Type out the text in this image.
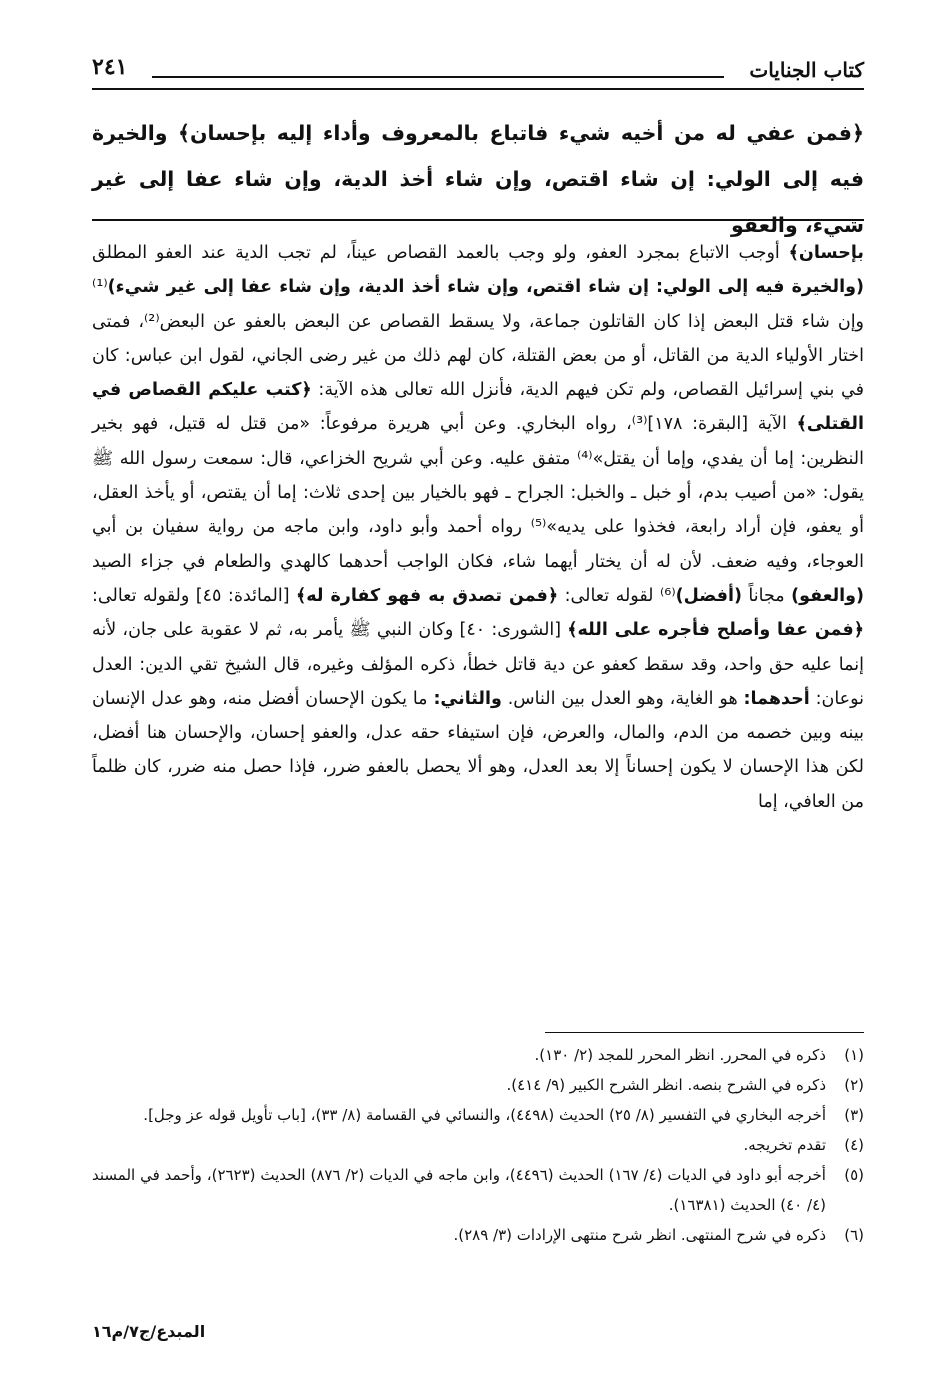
كتاب الجنايات
٢٤١
﴿فمن عفي له من أخيه شيء فاتباع بالمعروف وأداء إليه بإحسان﴾ والخيرة فيه إلى الولي: إن شاء اقتص، وإن شاء أخذ الدية، وإن شاء عفا إلى غير شيء، والعفو
بإحسان﴾ أوجب الاتباع بمجرد العفو، ولو وجب بالعمد القصاص عيناً، لم تجب الدية عند العفو المطلق (والخيرة فيه إلى الولي: إن شاء اقتص، وإن شاء أخذ الدية، وإن شاء عفا إلى غير شيء)⁽¹⁾ وإن شاء قتل البعض إذا كان القاتلون جماعة، ولا يسقط القصاص عن البعض بالعفو عن البعض⁽²⁾، فمتى اختار الأولياء الدية من القاتل، أو من بعض القتلة، كان لهم ذلك من غير رضى الجاني، لقول ابن عباس: كان في بني إسرائيل القصاص، ولم تكن فيهم الدية، فأنزل الله تعالى هذه الآية: ﴿كتب عليكم القصاص في القتلى﴾ الآية [البقرة: ١٧٨]⁽³⁾، رواه البخاري. وعن أبي هريرة مرفوعاً: «من قتل له قتيل، فهو بخير النظرين: إما أن يفدي، وإما أن يقتل»⁽⁴⁾ متفق عليه. وعن أبي شريح الخزاعي، قال: سمعت رسول الله ﷺ يقول: «من أصيب بدم، أو خبل ـ والخبل: الجراح ـ فهو بالخيار بين إحدى ثلاث: إما أن يقتص، أو يأخذ العقل، أو يعفو، فإن أراد رابعة، فخذوا على يديه»⁽⁵⁾ رواه أحمد وأبو داود، وابن ماجه من رواية سفيان بن أبي العوجاء، وفيه ضعف. لأن له أن يختار أيهما شاء، فكان الواجب أحدهما كالهدي والطعام في جزاء الصيد (والعفو) مجاناً (أفضل)⁽⁶⁾ لقوله تعالى: ﴿فمن تصدق به فهو كفارة له﴾ [المائدة: ٤٥] ولقوله تعالى: ﴿فمن عفا وأصلح فأجره على الله﴾ [الشورى: ٤٠] وكان النبي ﷺ يأمر به، ثم لا عقوبة على جان، لأنه إنما عليه حق واحد، وقد سقط كعفو عن دية قاتل خطأ، ذكره المؤلف وغيره، قال الشيخ تقي الدين: العدل نوعان: أحدهما: هو الغاية، وهو العدل بين الناس. والثاني: ما يكون الإحسان أفضل منه، وهو عدل الإنسان بينه وبين خصمه من الدم، والمال، والعرض، فإن استيفاء حقه عدل، والعفو إحسان، والإحسان هنا أفضل، لكن هذا الإحسان لا يكون إحساناً إلا بعد العدل، وهو ألا يحصل بالعفو ضرر، فإذا حصل منه ضرر، كان ظلماً من العافي، إما
(١)
ذكره في المحرر. انظر المحرر للمجد (٢/ ١٣٠).
(٢)
ذكره في الشرح بنصه. انظر الشرح الكبير (٩/ ٤١٤).
(٣)
أخرجه البخاري في التفسير (٨/ ٢٥) الحديث (٤٤٩٨)، والنسائي في القسامة (٨/ ٣٣)، [باب تأويل قوله عز وجل].
(٤)
تقدم تخريجه.
(٥)
أخرجه أبو داود في الديات (٤/ ١٦٧) الحديث (٤٤٩٦)، وابن ماجه في الديات (٢/ ٨٧٦) الحديث (٢٦٢٣)، وأحمد في المسند (٤/ ٤٠) الحديث (١٦٣٨١).
(٦)
ذكره في شرح المنتهى. انظر شرح منتهى الإرادات (٣/ ٢٨٩).
المبدع/ج٧/م١٦
